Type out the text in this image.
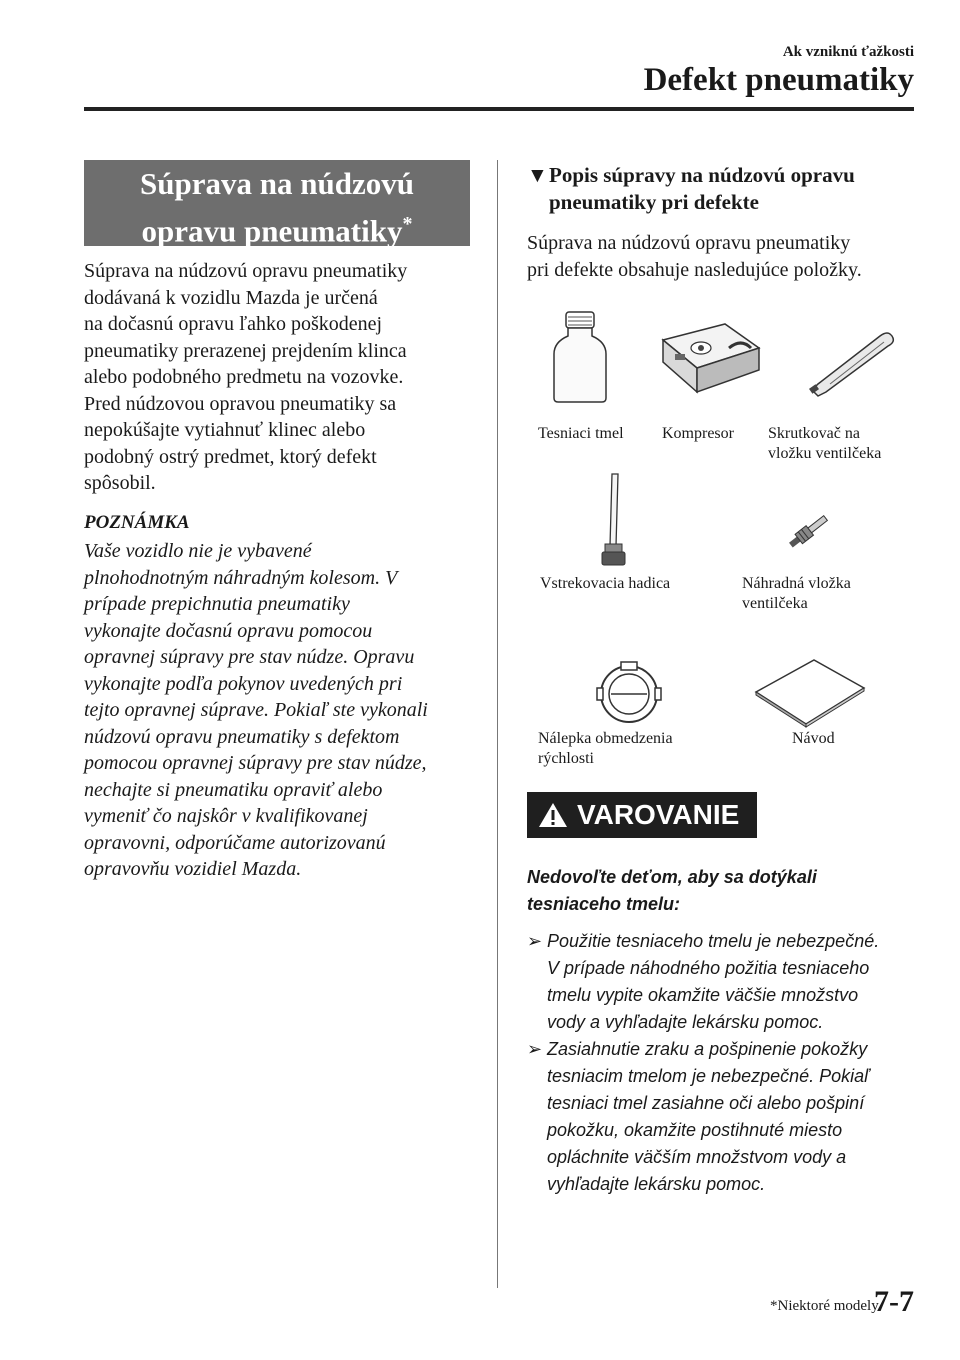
Ak vzniknú ťažkosti
Defekt pneumatiky
Súprava na núdzovú
opravu pneumatiky*
Súprava na núdzovú opravu pneumatiky
dodávaná k vozidlu Mazda je určená
na dočasnú opravu ľahko poškodenej
pneumatiky prerazenej prejdením klinca
alebo podobného predmetu na vozovke.
Pred núdzovou opravou pneumatiky sa
nepokúšajte vytiahnuť klinec alebo
podobný ostrý predmet, ktorý defekt
spôsobil.
POZNÁMKA
Vaše vozidlo nie je vybavené
plnohodnotným náhradným kolesom. V
prípade prepichnutia pneumatiky
vykonajte dočasnú opravu pomocou
opravnej súpravy pre stav núdze. Opravu
vykonajte podľa pokynov uvedených pri
tejto opravnej súprave. Pokiaľ ste vykonali
núdzovú opravu pneumatiky s defektom
pomocou opravnej súpravy pre stav núdze,
nechajte si pneumatiku opraviť alebo
vymeniť čo najskôr v kvalifikovanej
opravovni, odporúčame autorizovanú
opravovňu vozidiel Mazda.
▼Popis súpravy na núdzovú opravu
pneumatiky pri defekte
Súprava na núdzovú opravu pneumatiky
pri defekte obsahuje nasledujúce položky.
Tesniaci tmel Kompresor Skrutkovač na
vložku ventilčeka
Vstrekovacia hadica	Náhradná vložka
ventilčeka
Nálepka obmedzenia
rýchlosti
Návod
VAROVANIE
Nedovoľte deťom, aby sa dotýkali
tesniaceho tmelu:
➢ Použitie tesniaceho tmelu je nebezpečné.
V prípade náhodného požitia tesniaceho
tmelu vypite okamžite väčšie množstvo
vody a vyhľadajte lekársku pomoc.
➢ Zasiahnutie zraku a pošpinenie pokožky
tesniacim tmelom je nebezpečné. Pokiaľ
tesniaci tmel zasiahne oči alebo pošpiní
pokožku, okamžite postihnuté miesto
opláchnite väčším množstvom vody a
vyhľadajte lekársku pomoc.
*Niektoré modely.
7-7
